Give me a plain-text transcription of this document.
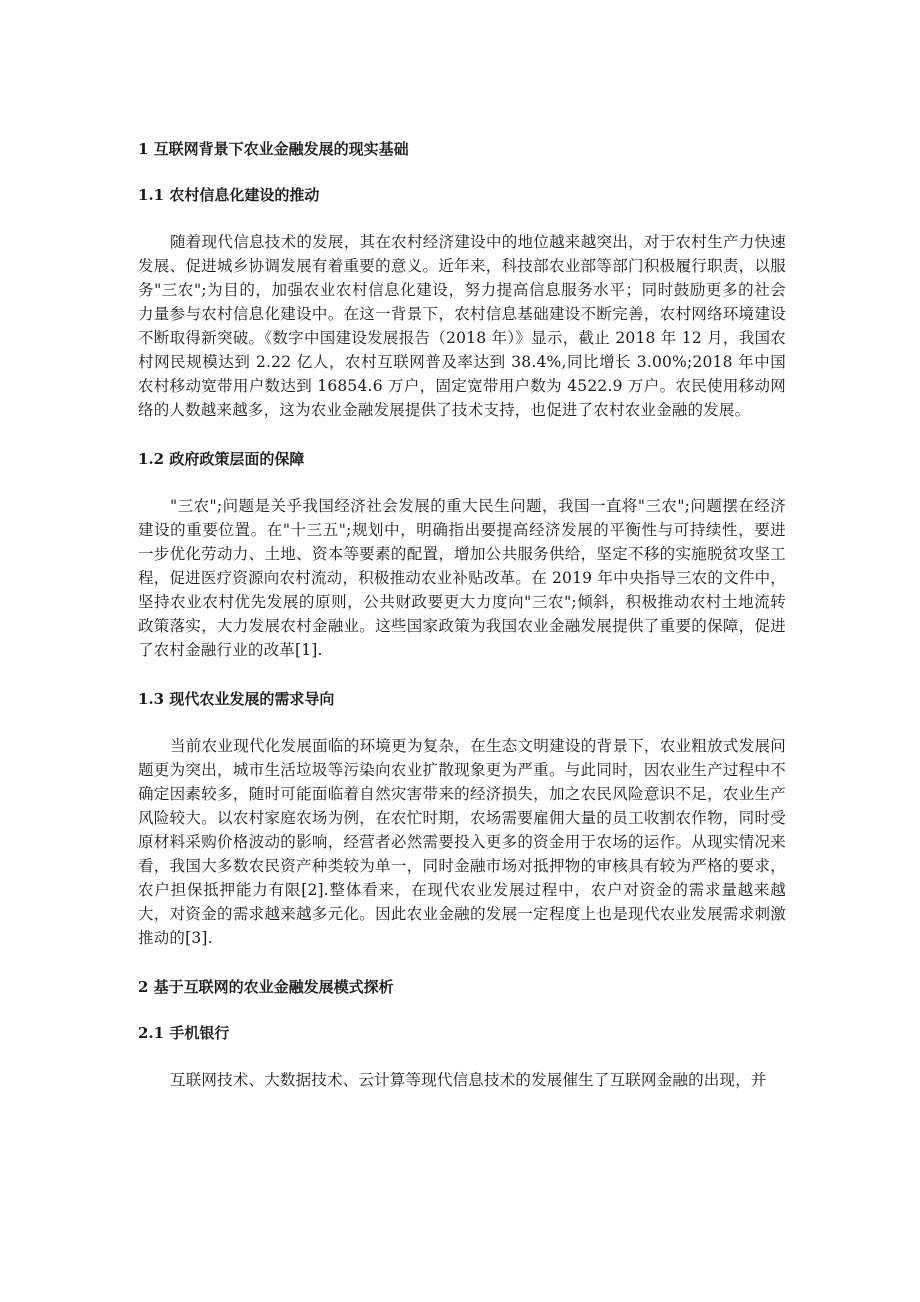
1 互联网背景下农业金融发展的现实基础
1.1 农村信息化建设的推动

随着现代信息技术的发展，其在农村经济建设中的地位越来越突出，对于农村生产力快速发展、促进城乡协调发展有着重要的意义。近年来，科技部农业部等部门积极履行职责，以服务"三农";为目的，加强农业农村信息化建设，努力提高信息服务水平；同时鼓励更多的社会力量参与农村信息化建设中。在这一背景下，农村信息基础建设不断完善，农村网络环境建设不断取得新突破。《数字中国建设发展报告（2018 年）》显示，截止 2018 年 12 月，我国农村网民规模达到 2.22 亿人，农村互联网普及率达到 38.4%,同比增长 3.00%;2018 年中国农村移动宽带用户数达到 16854.6 万户，固定宽带用户数为 4522.9 万户。农民使用移动网络的人数越来越多，这为农业金融发展提供了技术支持，也促进了农村农业金融的发展。

1.2 政府政策层面的保障

"三农";问题是关乎我国经济社会发展的重大民生问题，我国一直将"三农";问题摆在经济建设的重要位置。在"十三五";规划中，明确指出要提高经济发展的平衡性与可持续性，要进一步优化劳动力、土地、资本等要素的配置，增加公共服务供给，坚定不移的实施脱贫攻坚工程，促进医疗资源向农村流动，积极推动农业补贴改革。在 2019 年中央指导三农的文件中，坚持农业农村优先发展的原则，公共财政要更大力度向"三农";倾斜，积极推动农村土地流转政策落实，大力发展农村金融业。这些国家政策为我国农业金融发展提供了重要的保障，促进了农村金融行业的改革[1].

1.3 现代农业发展的需求导向

当前农业现代化发展面临的环境更为复杂，在生态文明建设的背景下，农业粗放式发展问题更为突出，城市生活垃圾等污染向农业扩散现象更为严重。与此同时，因农业生产过程中不确定因素较多，随时可能面临着自然灾害带来的经济损失，加之农民风险意识不足，农业生产风险较大。以农村家庭农场为例，在农忙时期，农场需要雇佣大量的员工收割农作物，同时受原材料采购价格波动的影响，经营者必然需要投入更多的资金用于农场的运作。从现实情况来看，我国大多数农民资产种类较为单一，同时金融市场对抵押物的审核具有较为严格的要求，农户担保抵押能力有限[2].整体看来，在现代农业发展过程中，农户对资金的需求量越来越大，对资金的需求越来越多元化。因此农业金融的发展一定程度上也是现代农业发展需求刺激推动的[3].

2 基于互联网的农业金融发展模式探析
2.1 手机银行

互联网技术、大数据技术、云计算等现代信息技术的发展催生了互联网金融的出现，并
